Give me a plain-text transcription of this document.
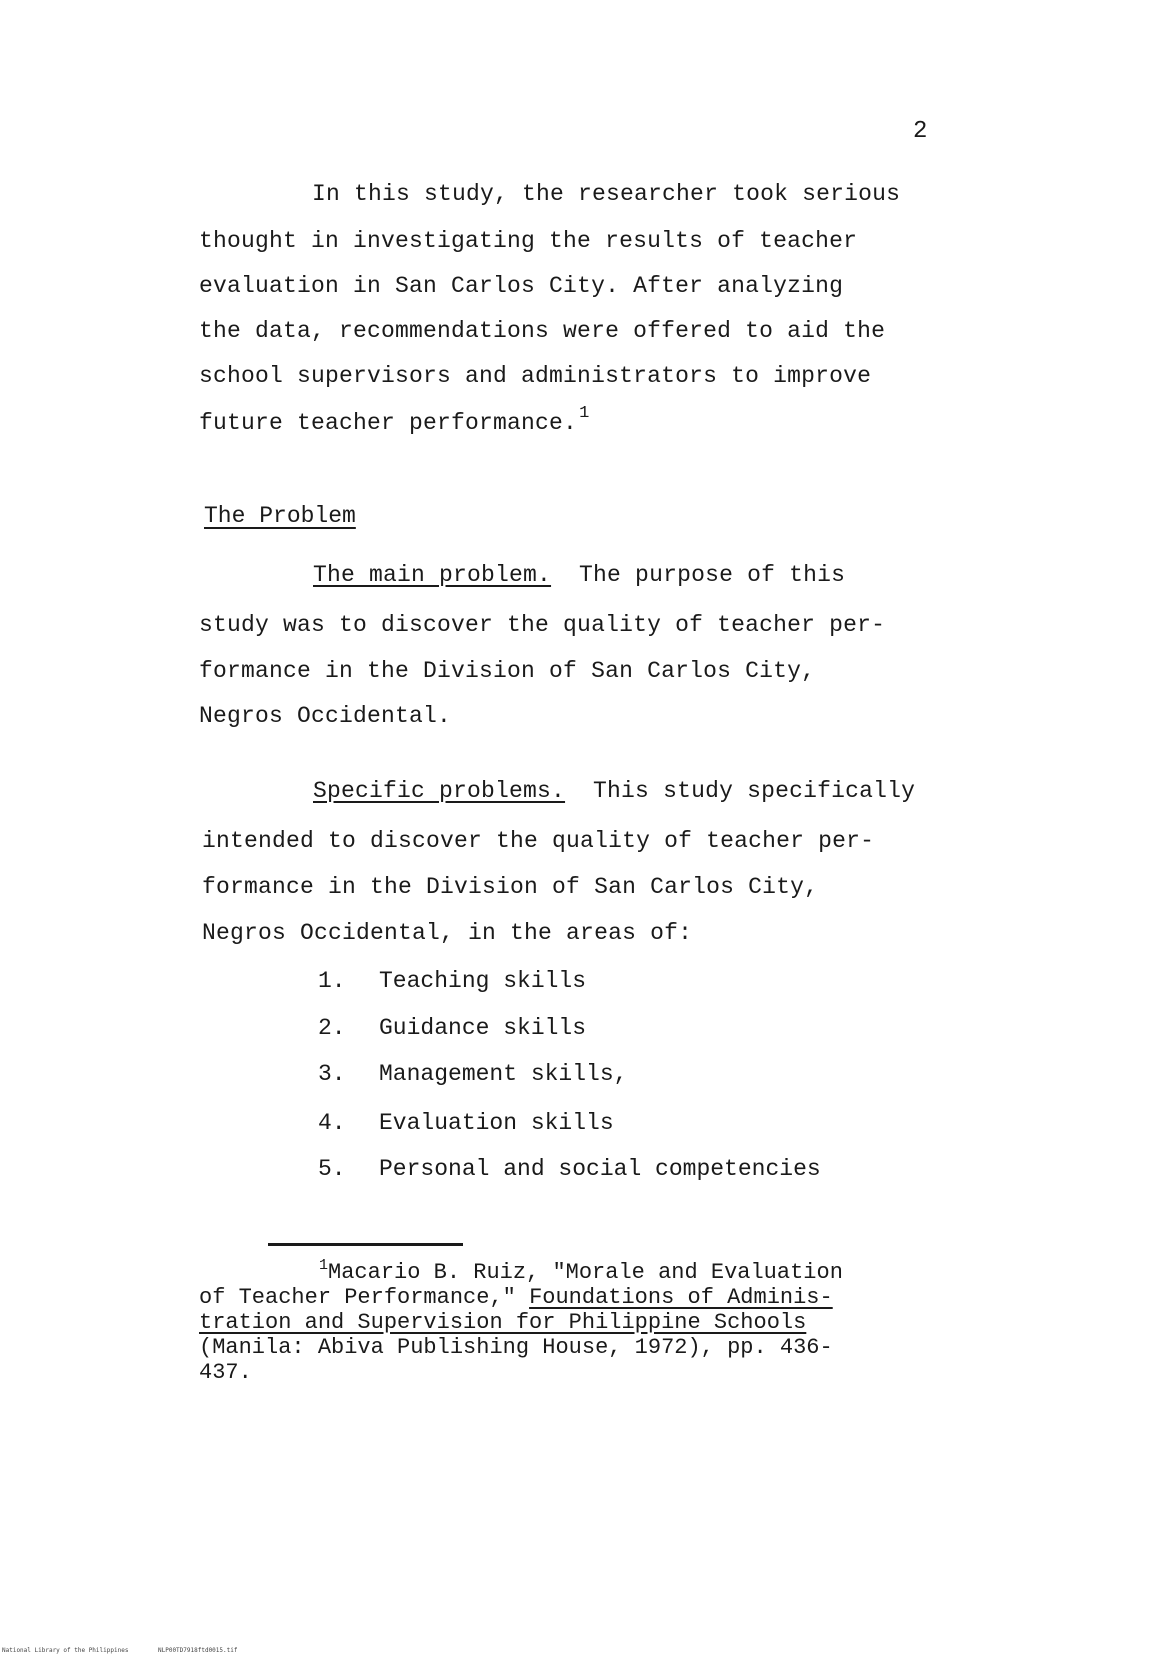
2
In this study, the researcher took serious
thought in investigating the results of teacher
evaluation in San Carlos City. After analyzing
the data, recommendations were offered to aid the
school supervisors and administrators to improve
future teacher performance. $^1$
The Problem
The main problem.  The purpose of this
study was to discover the quality of teacher per-
formance in the Division of San Carlos City,
Negros Occidental.
Specific problems.  This study specifically
intended to discover the quality of teacher per-
formance in the Division of San Carlos City,
Negros Occidental, in the areas of:
1. Teaching skills
2. Guidance skills
3. Management skills,
4. Evaluation skills
5. Personal and social competencies
$^1$Macario B. Ruiz, "Morale and Evaluation
of Teacher Performance," Foundations of Adminis-
tration and Supervision for Philippine Schools
(Manila: Abiva Publishing House, 1972), pp. 436-
437.
National Library of the Philippines	NLP00TD7918ftd0015.tif
